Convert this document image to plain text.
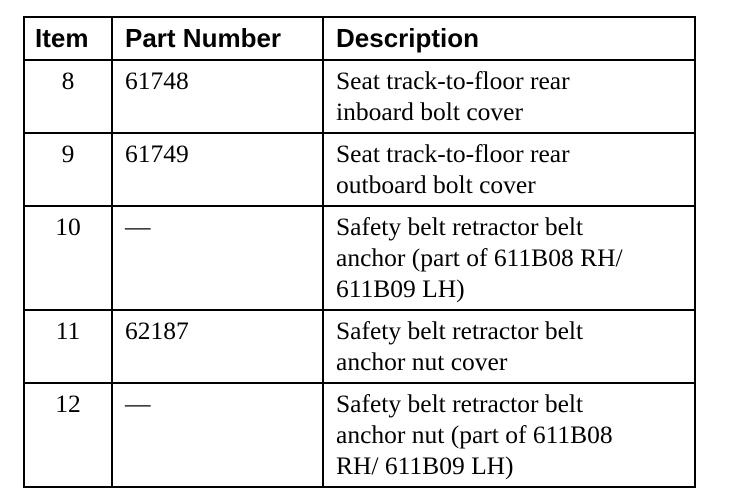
Item	Part Number	Description
8	61748	Seat track-to-floor rear
inboard bolt cover
9	61749	Seat track-to-floor rear
outboard bolt cover
10	—	Safety belt retractor belt
anchor (part of 611B08 RH/
611B09 LH)
11	62187	Safety belt retractor belt
anchor nut cover
12	—	Safety belt retractor belt
anchor nut (part of 611B08
RH/ 611B09 LH)
